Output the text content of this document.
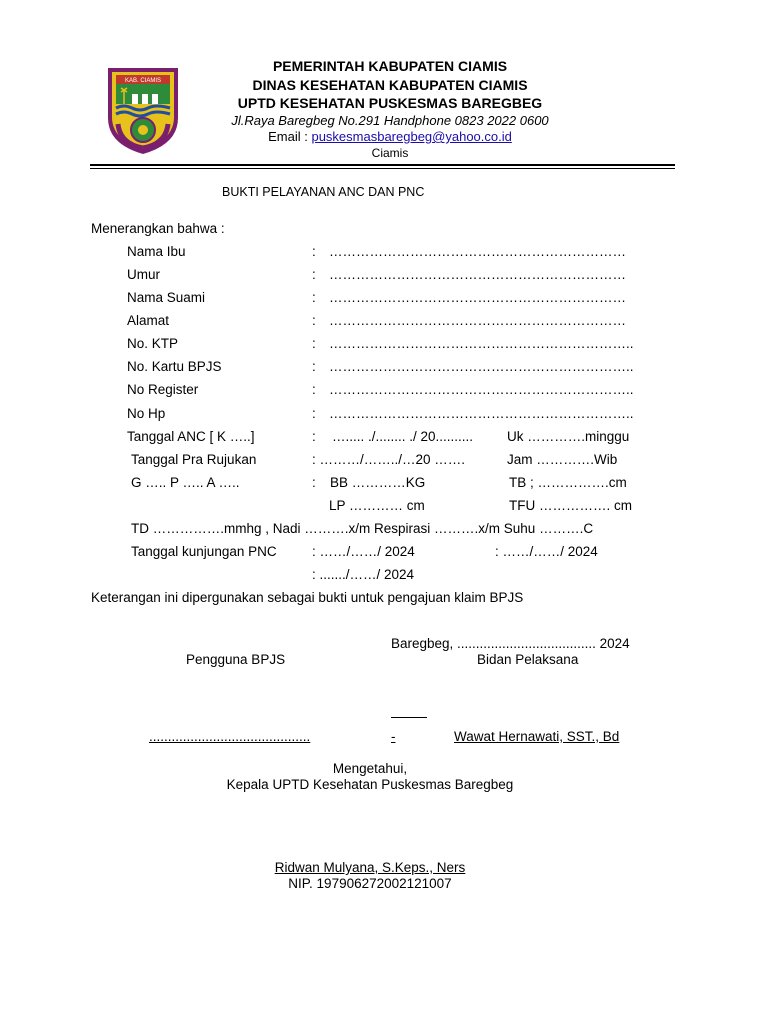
KAB. CIAMIS
PEMERINTAH KABUPATEN CIAMIS
DINAS KESEHATAN KABUPATEN CIAMIS
UPTD KESEHATAN PUSKESMAS BAREGBEG
Jl.Raya Baregbeg No.291 Handphone 0823 2022 0600
Email : puskesmasbaregbeg@yahoo.co.id
Ciamis
BUKTI PELAYANAN ANC DAN PNC
Menerangkan bahwa :
Nama Ibu	: …………………………………………………………
Umur	: …………………………………………………………
Nama Suami	: …………………………………………………………
Alamat	: …………………………………………………………
No. KTP	: …………………………………………………………..
No. Kartu BPJS	: …………………………………………………………..
No Register	: …………………………………………………………..
No Hp	: …………………………………………………………..
Tanggal ANC [ K …..]	: …..... ./........ ./ 20..........	Uk ………….minggu
Tanggal Pra Rujukan	: ………/……../…20 …….	Jam ………….Wib
G ….. P ….. A …..	: BB …………KG	TB ; …………….cm
LP ………… cm	TFU ……………. cm
TD …………….mmhg , Nadi ……….x/m Respirasi ……….x/m Suhu ……….C
Tanggal kunjungan PNC	: ……/……/ 2024	: ……/……/ 2024
: ......./……/ 2024
Keterangan ini dipergunakan sebagai bukti untuk pengajuan klaim BPJS
Baregbeg, ..................................... 2024
Pengguna BPJS	Bidan Pelaksana
...........................................	-	Wawat Hernawati, SST., Bd
Mengetahui,
Kepala UPTD Kesehatan Puskesmas Baregbeg
Ridwan Mulyana, S.Keps., Ners
NIP. 197906272002121007
